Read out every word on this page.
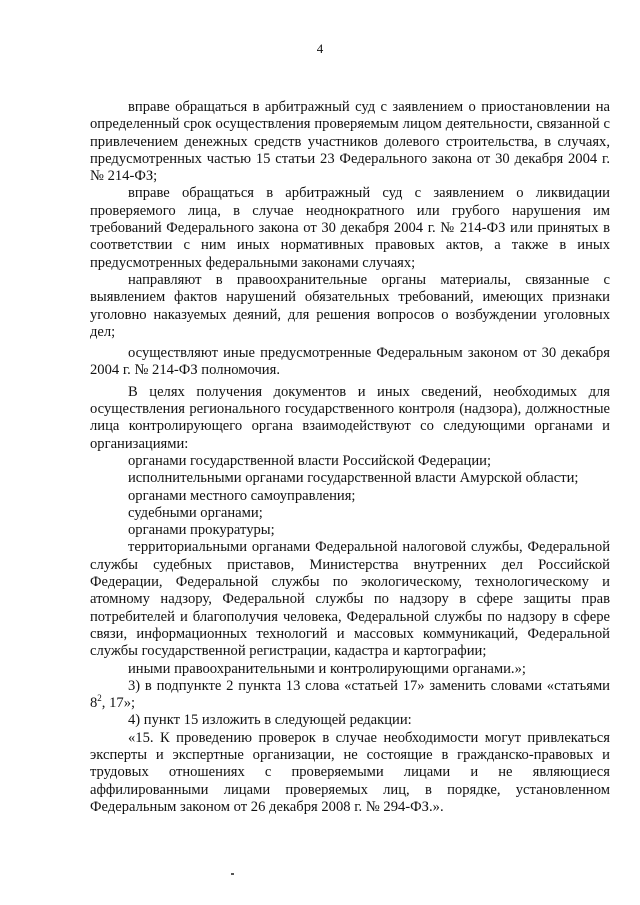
4
вправе обращаться в арбитражный суд с заявлением о приостановлении на определенный срок осуществления проверяемым лицом деятельности, связанной с привлечением денежных средств участников долевого строительства, в случаях, предусмотренных частью 15 статьи 23 Федерального закона от 30 декабря 2004 г. № 214-ФЗ;
вправе обращаться в арбитражный суд с заявлением о ликвидации проверяемого лица, в случае неоднократного или грубого нарушения им требований Федерального закона от 30 декабря 2004 г. № 214-ФЗ или принятых в соответствии с ним иных нормативных правовых актов, а также в иных предусмотренных федеральными законами случаях;
направляют в правоохранительные органы материалы, связанные с выявлением фактов нарушений обязательных требований, имеющих признаки уголовно наказуемых деяний, для решения вопросов о возбуждении уголовных дел;
осуществляют иные предусмотренные Федеральным законом от 30 декабря 2004 г. № 214-ФЗ полномочия.
В целях получения документов и иных сведений, необходимых для осуществления регионального государственного контроля (надзора), должностные лица контролирующего органа взаимодействуют со следующими органами и организациями:
органами государственной власти Российской Федерации;
исполнительными органами государственной власти Амурской области;
органами местного самоуправления;
судебными органами;
органами прокуратуры;
территориальными органами Федеральной налоговой службы, Федеральной службы судебных приставов, Министерства внутренних дел Российской Федерации, Федеральной службы по экологическому, технологическому и атомному надзору, Федеральной службы по надзору в сфере защиты прав потребителей и благополучия человека, Федеральной службы по надзору в сфере связи, информационных технологий и массовых коммуникаций, Федеральной службы государственной регистрации, кадастра и картографии;
иными правоохранительными и контролирующими органами.»;
3) в подпункте 2 пункта 13 слова «статьей 17» заменить словами «статьями $8^2$, 17»;
4) пункт 15 изложить в следующей редакции:
«15. К проведению проверок в случае необходимости могут привлекаться эксперты и экспертные организации, не состоящие в гражданско-правовых и трудовых отношениях с проверяемыми лицами и не являющиеся аффилированными лицами проверяемых лиц, в порядке, установленном Федеральным законом от 26 декабря 2008 г. № 294-ФЗ.».
